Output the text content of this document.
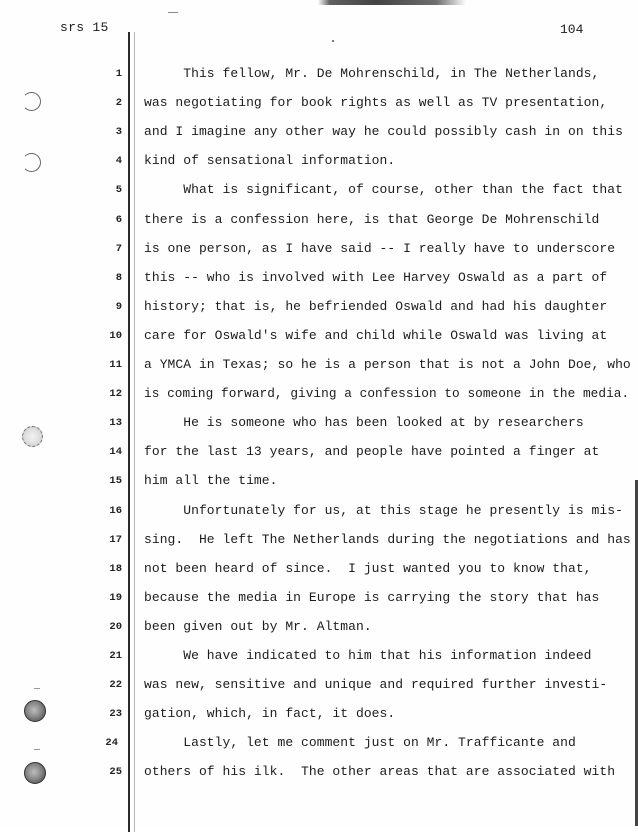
srs 15	104
1
2
3
4
5
6
7
8
9
10
11
12
13
14
15
16
17
18
19
20
21
22
23
24
25
This fellow, Mr. De Mohrenschild, in The Netherlands,
was negotiating for book rights as well as TV presentation,
and I imagine any other way he could possibly cash in on this
kind of sensational information.
What is significant, of course, other than the fact that
there is a confession here, is that George De Mohrenschild
is one person, as I have said -- I really have to underscore
this -- who is involved with Lee Harvey Oswald as a part of
history; that is, he befriended Oswald and had his daughter
care for Oswald's wife and child while Oswald was living at
a YMCA in Texas; so he is a person that is not a John Doe, who
is coming forward, giving a confession to someone in the media.
He is someone who has been looked at by researchers
for the last 13 years, and people have pointed a finger at
him all the time.
Unfortunately for us, at this stage he presently is mis-
sing.  He left The Netherlands during the negotiations and has
not been heard of since.  I just wanted you to know that,
because the media in Europe is carrying the story that has
been given out by Mr. Altman.
We have indicated to him that his information indeed
was new, sensitive and unique and required further investi-
gation, which, in fact, it does.
Lastly, let me comment just on Mr. Trafficante and
others of his ilk.  The other areas that are associated with
